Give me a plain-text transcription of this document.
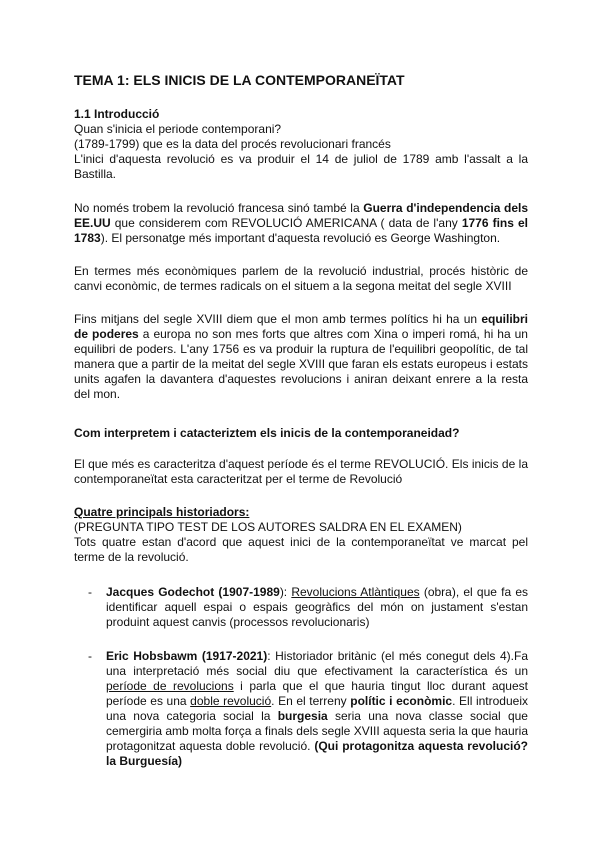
TEMA 1: ELS INICIS DE LA CONTEMPORANEÏTAT

1.1 Introducció

Quan s'inicia el periode contemporani?

(1789-1799) que es la data del procés revolucionari francés

L'inici d'aquesta revolució es va produir el 14 de juliol de 1789 amb l'assalt a la Bastilla.

No només trobem la revolució francesa sinó també la Guerra d'independencia dels EE.UU que considerem com REVOLUCIÓ AMERICANA ( data de l'any 1776 fins el 1783). El personatge més important d'aquesta revolució es George Washington.

En termes més econòmiques parlem de la revolució industrial, procés històric de canvi econòmic, de termes radicals on el situem a la segona meitat del segle XVIII

Fins mitjans del segle XVIII diem que el mon amb termes polítics hi ha un equilibri de poderes a europa no son mes forts que altres com Xina o imperi romá, hi ha un equilibri de poders. L'any 1756 es va produir la ruptura de l'equilibri geopolític, de tal manera que a partir de la meitat del segle XVIII que faran els estats europeus i estats units agafen la davantera d'aquestes revolucions i aniran deixant enrere a la resta del mon.

Com interpretem i catacteriztem els inicis de la contemporaneidad?

El que més es caracteritza d'aquest període és el terme REVOLUCIÓ. Els inicis de la contemporaneïtat esta caracteritzat per el terme de Revolució

Quatre principals historiadors:

(PREGUNTA TIPO TEST DE LOS AUTORES SALDRA EN EL EXAMEN)

Tots quatre estan d'acord que aquest inici de la contemporaneïtat ve marcat pel terme de la revolució.

- Jacques Godechot (1907-1989): Revolucions Atlàntiques (obra), el que fa es identificar aquell espai o espais geogràfics del món on justament s'estan produint aquest canvis (processos revolucionaris)

- Eric Hobsbawm (1917-2021): Historiador britànic (el més conegut dels 4).Fa una interpretació més social diu que efectivament la característica és un període de revolucions i parla que el que hauria tingut lloc durant aquest període es una doble revolució. En el terreny polític i econòmic. Ell introdueix una nova categoria social la burgesia seria una nova classe social que cemergiria amb molta força a finals dels segle XVIII aquesta seria la que hauria protagonitzat aquesta doble revolució. (Qui protagonitza aquesta revolució? la Burguesía)
